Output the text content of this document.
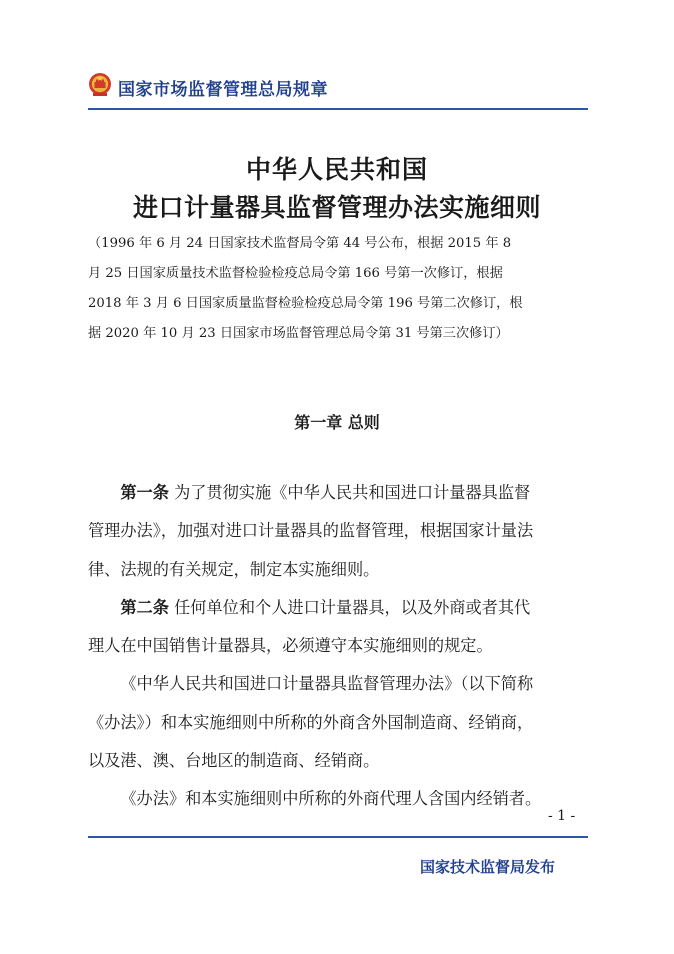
国家市场监督管理总局规章
中华人民共和国
进口计量器具监督管理办法实施细则
（1996 年 6 月 24 日国家技术监督局令第 44 号公布，根据 2015 年 8
月 25 日国家质量技术监督检验检疫总局令第 166 号第一次修订，根据
2018 年 3 月 6 日国家质量监督检验检疫总局令第 196 号第二次修订，根
据 2020 年 10 月 23 日国家市场监督管理总局令第 31 号第三次修订）
第一章 总则
  第一条 为了贯彻实施《中华人民共和国进口计量器具监督
管理办法》，加强对进口计量器具的监督管理，根据国家计量法
律、法规的有关规定，制定本实施细则。
  第二条 任何单位和个人进口计量器具，以及外商或者其代
理人在中国销售计量器具，必须遵守本实施细则的规定。
  《中华人民共和国进口计量器具监督管理办法》（以下简称
《办法》）和本实施细则中所称的外商含外国制造商、经销商，
以及港、澳、台地区的制造商、经销商。
  《办法》和本实施细则中所称的外商代理人含国内经销者。
- 1 -
国家技术监督局发布
